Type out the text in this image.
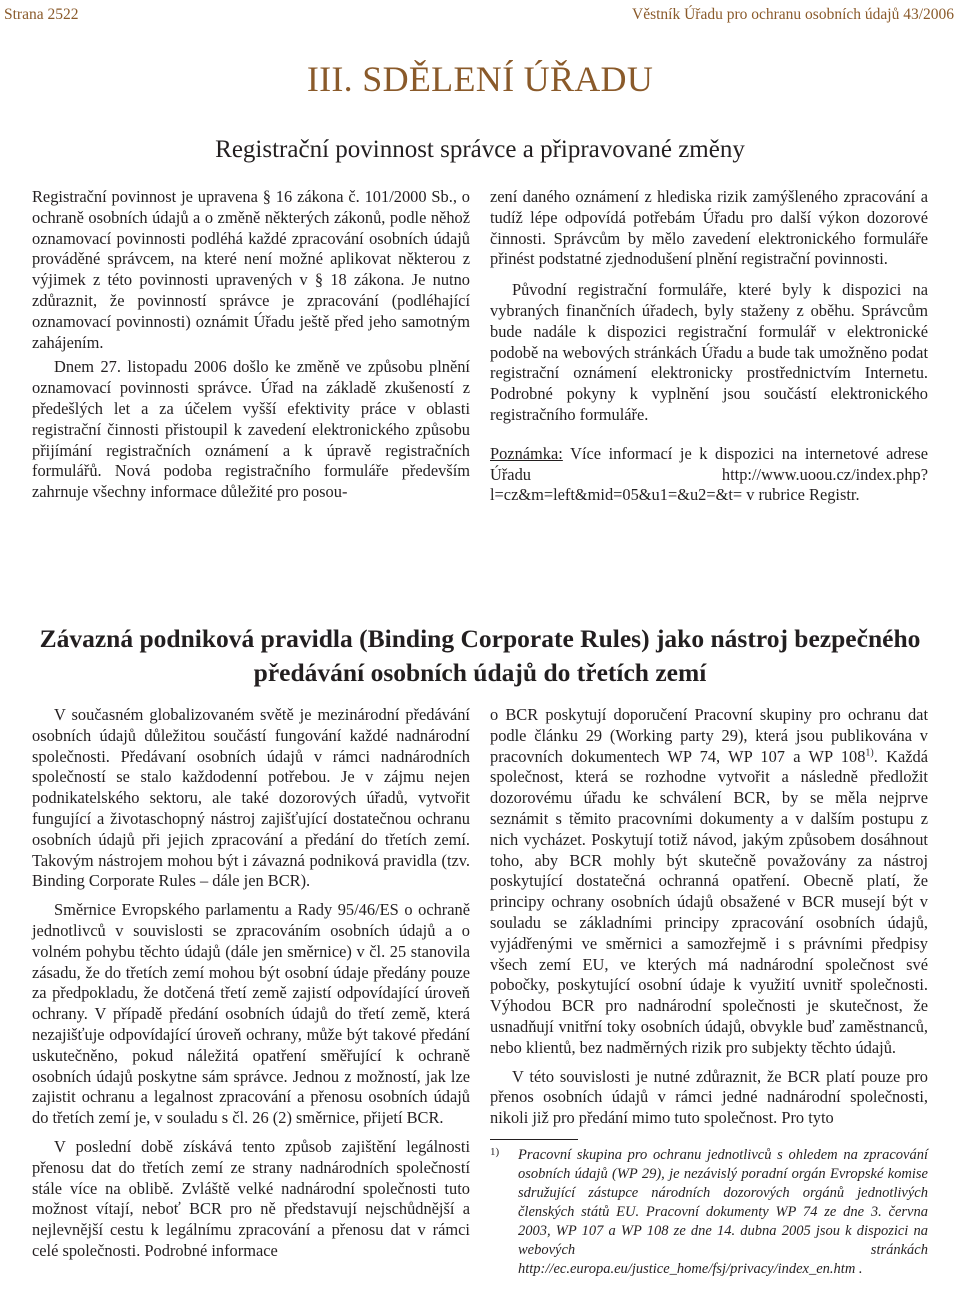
Strana 2522	Věstník Úřadu pro ochranu osobních údajů 43/2006
III. SDĚLENÍ ÚŘADU
Registrační povinnost správce a připravované změny

Registrační povinnost je upravena § 16 zákona č. 101/2000 Sb., o ochraně osobních údajů a o změně některých zákonů, podle něhož oznamovací povinnosti podléhá každé zpracování osobních údajů prováděné správcem, na které není možné aplikovat některou z výjimek z této povinnosti upravených v § 18 zákona. Je nutno zdůraznit, že povinností správce je zpracování (podléhající oznamovací povinnosti) oznámit Úřadu ještě před jeho samotným zahájením.

Dnem 27. listopadu 2006 došlo ke změně ve způsobu plnění oznamovací povinnosti správce. Úřad na základě zkušeností z předešlých let a za účelem vyšší efektivity práce v oblasti registrační činnosti přistoupil k zavedení elektronického způsobu přijímání registračních oznámení a k úpravě registračních formulářů. Nová podoba registračního formuláře především zahrnuje všechny informace důležité pro posou-

zení daného oznámení z hlediska rizik zamýšleného zpracování a tudíž lépe odpovídá potřebám Úřadu pro další výkon dozorové činnosti. Správcům by mělo zavedení elektronického formuláře přinést podstatné zjednodušení plnění registrační povinnosti.

Původní registrační formuláře, které byly k dispozici na vybraných finančních úřadech, byly staženy z oběhu. Správcům bude nadále k dispozici registrační formulář v elektronické podobě na webových stránkách Úřadu a bude tak umožněno podat registrační oznámení elektronicky prostřednictvím Internetu. Podrobné pokyny k vyplnění jsou součástí elektronického registračního formuláře.

Poznámka: Více informací je k dispozici na internetové adrese Úřadu http://www.uoou.cz/index.php?l=cz&m=left&mid=05&u1=&u2=&t= v rubrice Registr.

Závazná podniková pravidla (Binding Corporate Rules) jako nástroj bezpečného
předávání osobních údajů do třetích zemí

V současném globalizovaném světě je mezinárodní předávání osobních údajů důležitou součástí fungování každé nadnárodní společnosti. Předávaní osobních údajů v rámci nadnárodních společností se stalo každodenní potřebou. Je v zájmu nejen podnikatelského sektoru, ale také dozorových úřadů, vytvořit fungující a životaschopný nástroj zajišťující dostatečnou ochranu osobních údajů při jejich zpracování a předání do třetích zemí. Takovým nástrojem mohou být i závazná podniková pravidla (tzv. Binding Corporate Rules – dále jen BCR).

Směrnice Evropského parlamentu a Rady 95/46/ES o ochraně jednotlivců v souvislosti se zpracováním osobních údajů a o volném pohybu těchto údajů (dále jen směrnice) v čl. 25 stanovila zásadu, že do třetích zemí mohou být osobní údaje předány pouze za předpokladu, že dotčená třetí země zajistí odpovídající úroveň ochrany. V případě předání osobních údajů do třetí země, která nezajišťuje odpovídající úroveň ochrany, může být takové předání uskutečněno, pokud náležitá opatření směřující k ochraně osobních údajů poskytne sám správce. Jednou z možností, jak lze zajistit ochranu a legalnost zpracování a přenosu osobních údajů do třetích zemí je, v souladu s čl. 26 (2) směrnice, přijetí BCR.

V poslední době získává tento způsob zajištění legálnosti přenosu dat do třetích zemí ze strany nadnárodních společností stále více na oblibě. Zvláště velké nadnárodní společnosti tuto možnost vítají, neboť BCR pro ně představují nejschůdnější a nejlevnější cestu k legálnímu zpracování a přenosu dat v rámci celé společnosti. Podrobné informace

o BCR poskytují doporučení Pracovní skupiny pro ochranu dat podle článku 29 (Working party 29), která jsou publikována v pracovních dokumentech WP 74, WP 107 a WP 108$^{1)}$. Každá společnost, která se rozhodne vytvořit a následně předložit dozorovému úřadu ke schválení BCR, by se měla nejprve seznámit s těmito pracovními dokumenty a v dalším postupu z nich vycházet. Poskytují totiž návod, jakým způsobem dosáhnout toho, aby BCR mohly být skutečně považovány za nástroj poskytující dostatečná ochranná opatření. Obecně platí, že principy ochrany osobních údajů obsažené v BCR musejí být v souladu se základními principy zpracování osobních údajů, vyjádřenými ve směrnici a samozřejmě i s právními předpisy všech zemí EU, ve kterých má nadnárodní společnost své pobočky, poskytující osobní údaje k využití uvnitř společnosti. Výhodou BCR pro nadnárodní společnosti je skutečnost, že usnadňují vnitřní toky osobních údajů, obvykle buď zaměstnanců, nebo klientů, bez nadměrných rizik pro subjekty těchto údajů.

V této souvislosti je nutné zdůraznit, že BCR platí pouze pro přenos osobních údajů v rámci jedné nadnárodní společnosti, nikoli již pro předání mimo tuto společnost. Pro tyto

1) Pracovní skupina pro ochranu jednotlivců s ohledem na zpracování osobních údajů (WP 29), je nezávislý poradní orgán Evropské komise sdružující zástupce národních dozorových orgánů jednotlivých členských států EU. Pracovní dokumenty WP 74 ze dne 3. června 2003, WP 107 a WP 108 ze dne 14. dubna 2005 jsou k dispozici na webových stránkách http://ec.europa.eu/justice_home/fsj/privacy/index_en.htm .
